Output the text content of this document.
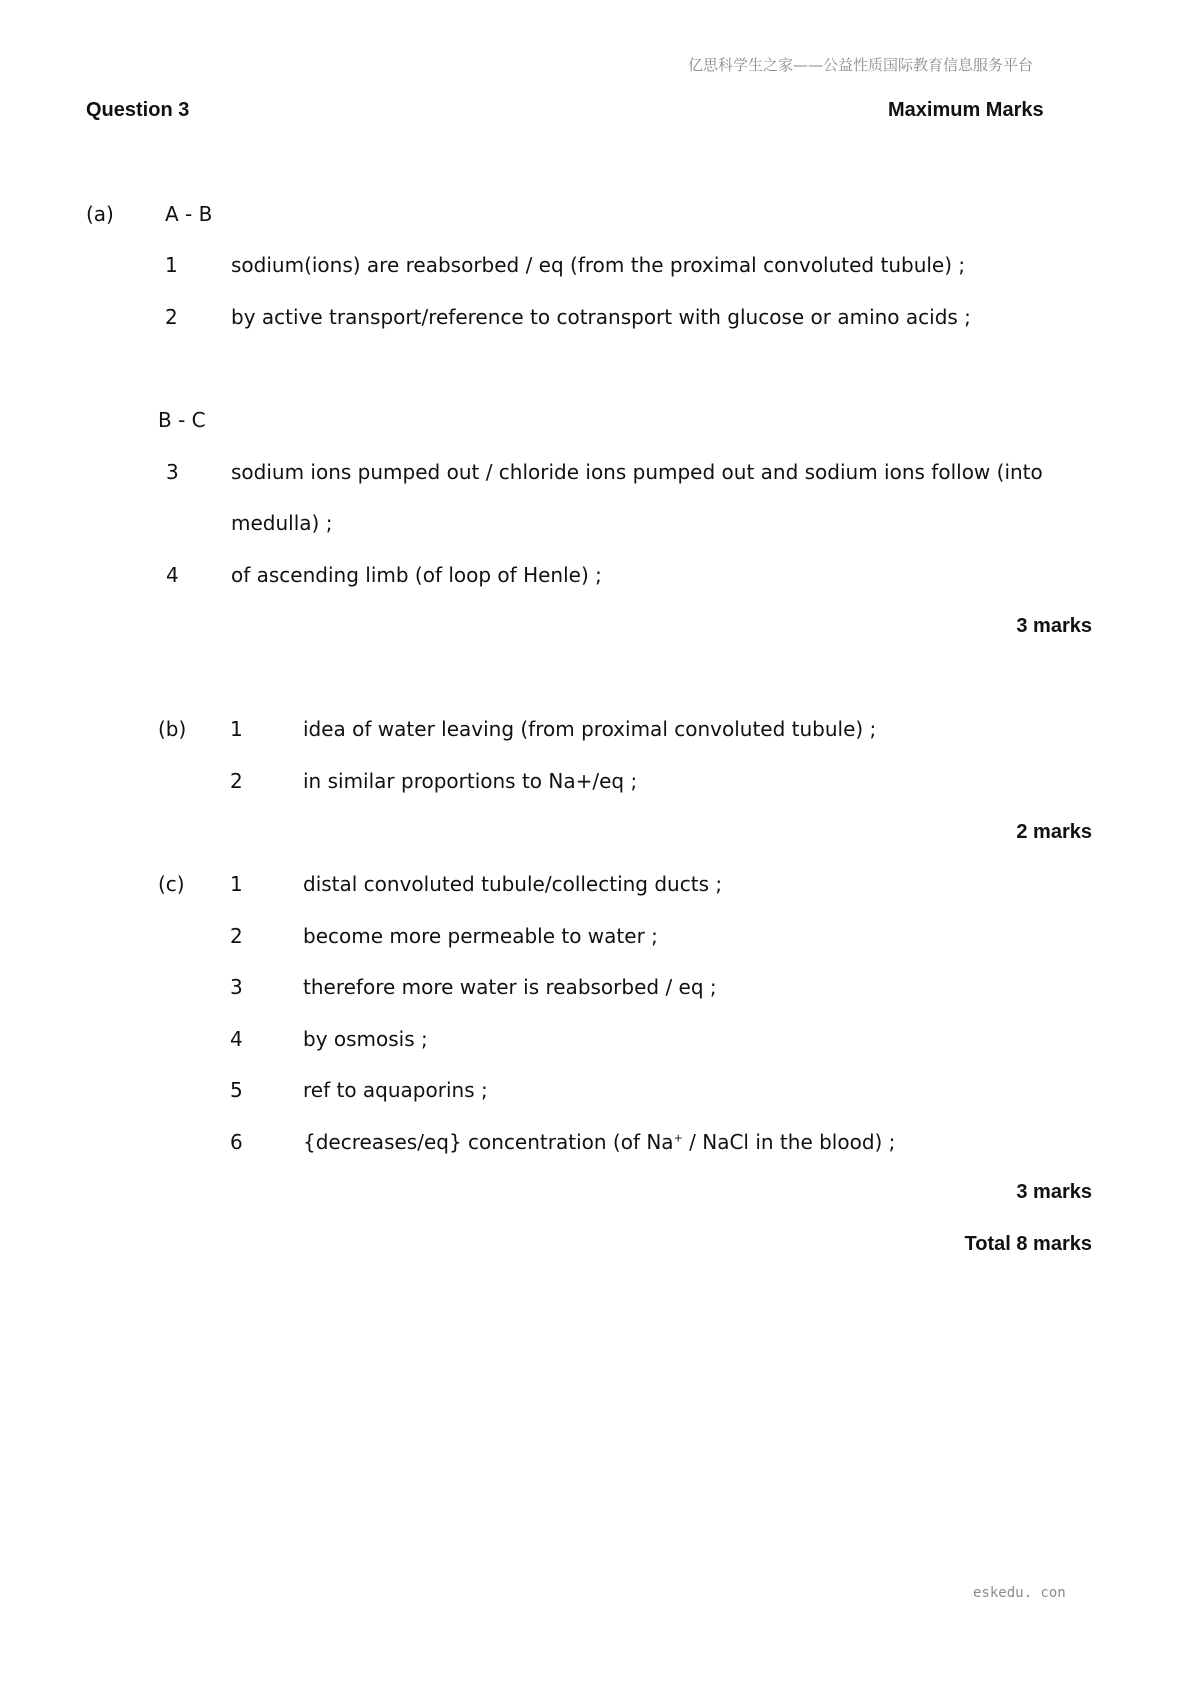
亿思科学生之家——公益性质国际教育信息服务平台
Question 3	Maximum Marks
(a)	A - B
1	sodium(ions) are reabsorbed / eq (from the proximal convoluted tubule) ;
2	by active transport/reference to cotransport with glucose or amino acids ;
B - C
3	sodium ions pumped out / chloride ions pumped out and sodium ions follow (into
medulla) ;
4	of ascending limb (of loop of Henle) ;
3 marks
(b) 1	idea of water leaving (from proximal convoluted tubule) ;
2	in similar proportions to Na+/eq ;
2 marks
(c) 1	distal convoluted tubule/collecting ducts ;
2	become more permeable to water ;
3	therefore more water is reabsorbed / eq ;
4	by osmosis ;
5	ref to aquaporins ;
6	{decreases/eq} concentration (of Na+ / NaCl in the blood) ;
3 marks
Total 8 marks
eskedu. con
